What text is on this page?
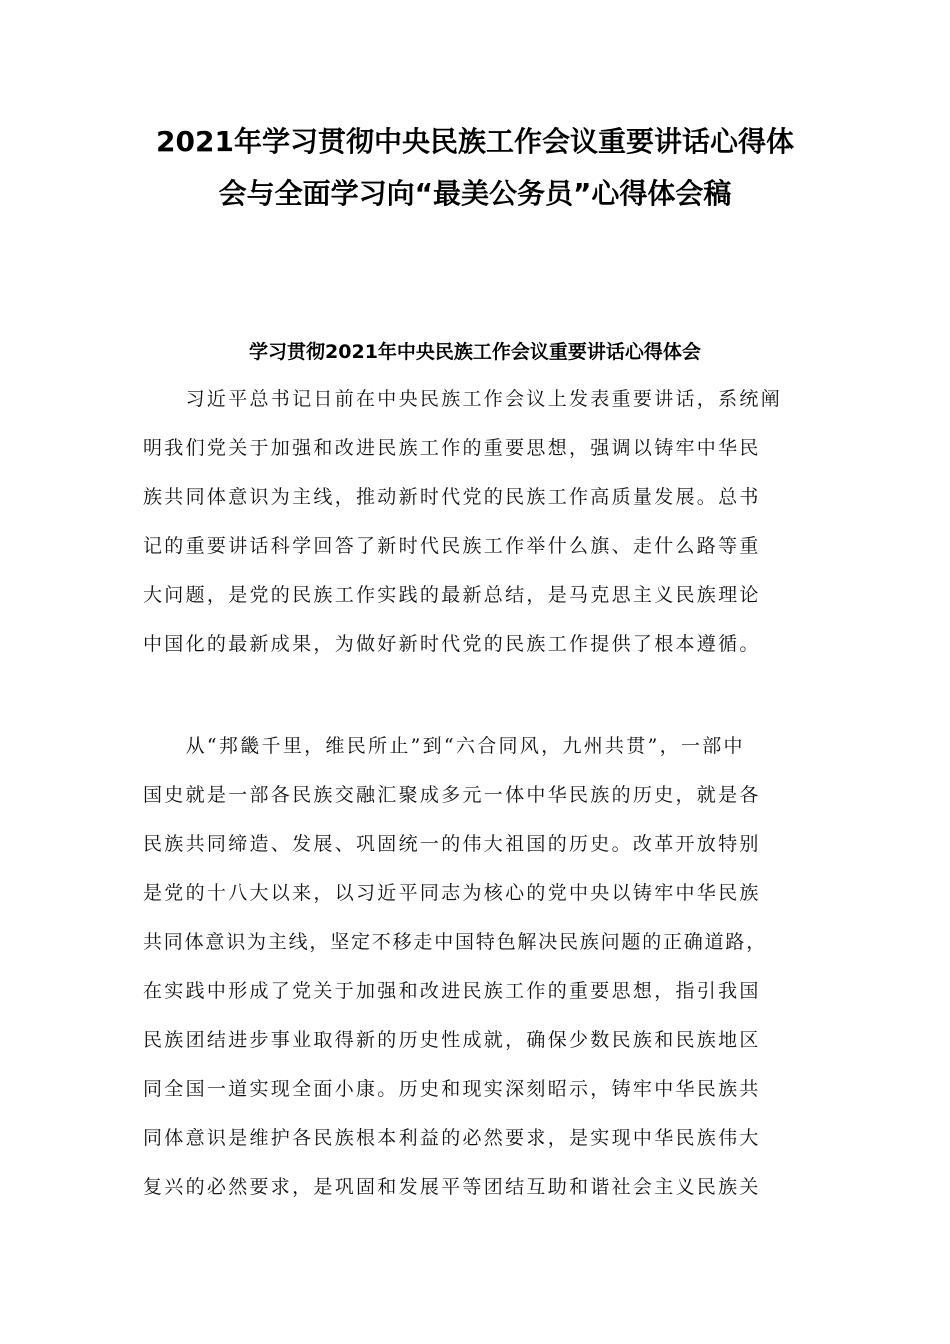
2021年学习贯彻中央民族工作会议重要讲话心得体
会与全面学习向“最美公务员”心得体会稿
学习贯彻2021年中央民族工作会议重要讲话心得体会
　　习近平总书记日前在中央民族工作会议上发表重要讲话，系统阐
明我们党关于加强和改进民族工作的重要思想，强调以铸牢中华民
族共同体意识为主线，推动新时代党的民族工作高质量发展。总书
记的重要讲话科学回答了新时代民族工作举什么旗、走什么路等重
大问题，是党的民族工作实践的最新总结，是马克思主义民族理论
中国化的最新成果，为做好新时代党的民族工作提供了根本遵循。
　　从“邦畿千里，维民所止”到“六合同风，九州共贯”，一部中
国史就是一部各民族交融汇聚成多元一体中华民族的历史，就是各
民族共同缔造、发展、巩固统一的伟大祖国的历史。改革开放特别
是党的十八大以来，以习近平同志为核心的党中央以铸牢中华民族
共同体意识为主线，坚定不移走中国特色解决民族问题的正确道路，
在实践中形成了党关于加强和改进民族工作的重要思想，指引我国
民族团结进步事业取得新的历史性成就，确保少数民族和民族地区
同全国一道实现全面小康。历史和现实深刻昭示，铸牢中华民族共
同体意识是维护各民族根本利益的必然要求，是实现中华民族伟大
复兴的必然要求，是巩固和发展平等团结互助和谐社会主义民族关
